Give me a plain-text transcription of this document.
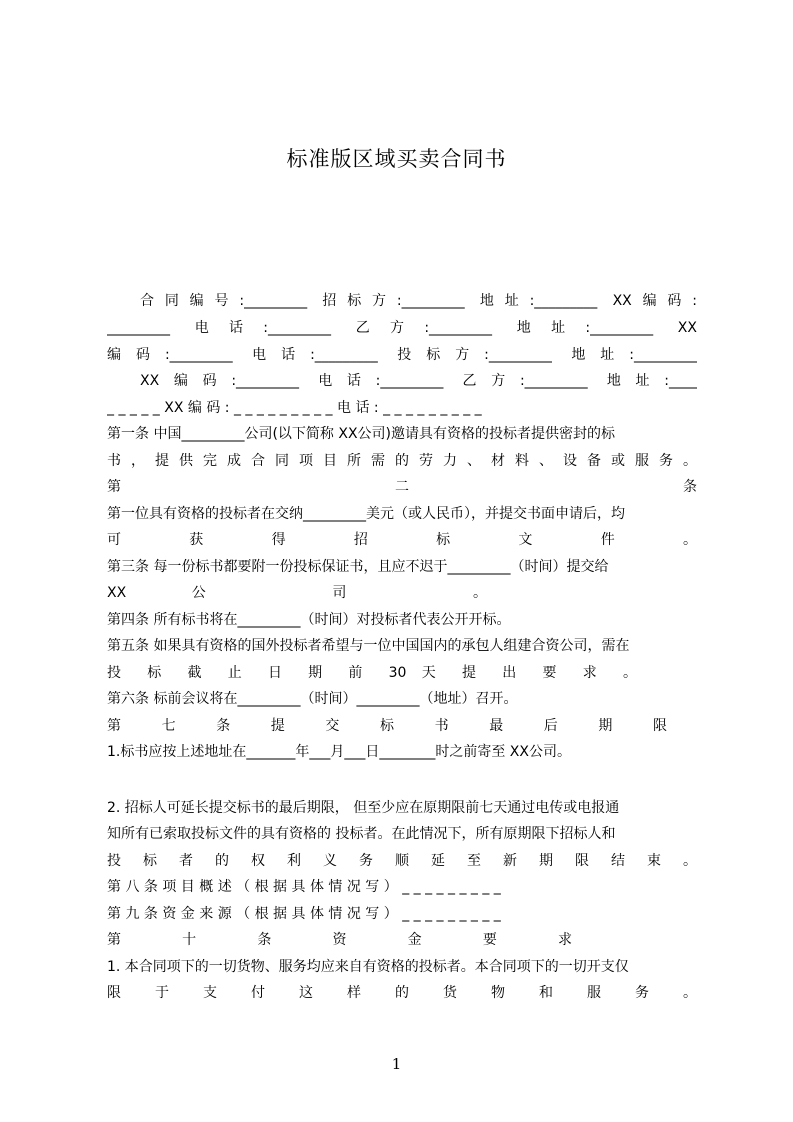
标准版区域买卖合同书
合同编号:_________ 招标方:_________ 地址:_________ XX编码:
_________ 电话:_________ 乙方:_________ 地址:_________ XX
编码:_________ 电话:_________ 投标方:_________ 地址:_________
XX编码:_________ 电话:_________ 乙方:_________ 地址:____
_ _ _ _ _ XX 编 码 : _ _ _ _ _ _ _ _ _ 电 话 : _ _ _ _ _ _ _ _ _
第一条 中国_________公司(以下简称 XX公司)邀请具有资格的投标者提供密封的标
书 ， 提 供 完 成 合 同 项 目 所 需 的 劳 力 、 材 料 、 设 备 或 服 务 。
第 二 条
第一位具有资格的投标者在交纳_________美元（或人民币），并提交书面申请后，均
可 获 得 招 标 文 件 。
第三条 每一份标书都要附一份投标保证书，且应不迟于_________（时间）提交给
XX 公 司 。
第四条 所有标书将在_________（时间）对投标者代表公开开标。
第五条 如果具有资格的国外投标者希望与一位中国国内的承包人组建合资公司，需在
投 标 截 止 日 期 前 30 天 提 出 要 求 。
第六条 标前会议将在_________（时间）_________（地址）召开。
第 七 条 提 交 标 书 最 后 期 限
1.标书应按上述地址在_______年___月___日________时之前寄至 XX公司。
2. 招标人可延长提交标书的最后期限， 但至少应在原期限前七天通过电传或电报通
知所有已索取投标文件的具有资格的 投标者。在此情况下，所有原期限下招标人和
投 标 者 的 权 利 义 务 顺 延 至 新 期 限 结 束 。
第 八 条 项 目 概 述 （ 根 据 具 体 情 况 写 ） _ _ _ _ _ _ _ _ _
第 九 条 资 金 来 源 （ 根 据 具 体 情 况 写 ） _ _ _ _ _ _ _ _ _
第 十 条 资 金 要 求
1. 本合同项下的一切货物、服务均应来自有资格的投标者。本合同项下的一切开支仅
限 于 支 付 这 样 的 货 物 和 服 务 。
1
